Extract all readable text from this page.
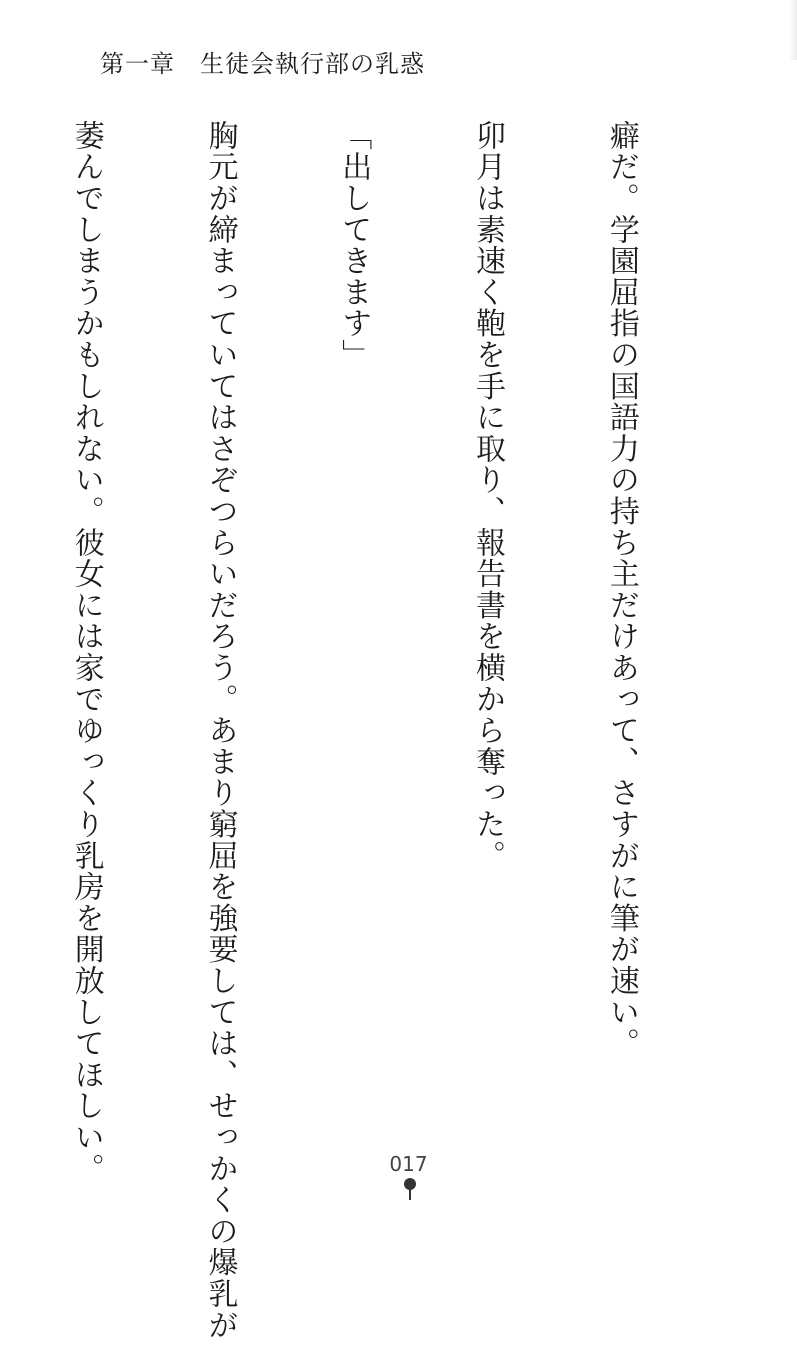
第一章　生徒会執行部の乳惑

癖だ。学園屈指の国語力の持ち主だけあって、さすがに筆が速い。

卯月は素速く鞄を手に取り、報告書を横から奪った。

「出してきます」

胸元が締まっていてはさぞつらいだろう。あまり窮屈を強要しては、せっかくの爆乳が

萎んでしまうかもしれない。彼女には家でゆっくり乳房を開放してほしい。

	017
